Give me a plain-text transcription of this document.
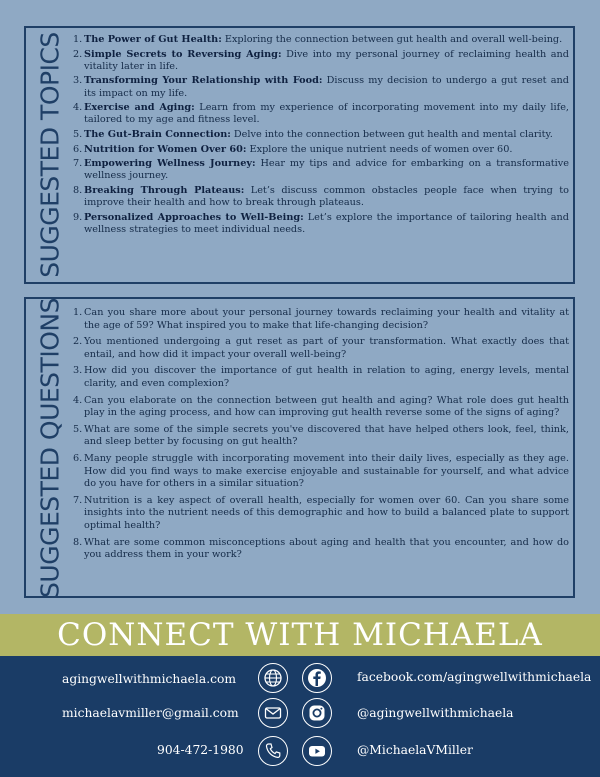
SUGGESTED TOPICS 1. The Power of Gut Health: Exploring the connection between gut health and overall well-being.
2. Simple Secrets to Reversing Aging: Dive into my personal journey of reclaiming health and vitality later in life.
3. Transforming Your Relationship with Food: Discuss my decision to undergo a gut reset and its impact on my life.
4. Exercise and Aging: Learn from my experience of incorporating movement into my daily life, tailored to my age and fitness level.
5. The Gut-Brain Connection: Delve into the connection between gut health and mental clarity.
6. Nutrition for Women Over 60: Explore the unique nutrient needs of women over 60.
7. Empowering Wellness Journey: Hear my tips and advice for embarking on a transformative wellness journey.
8. Breaking Through Plateaus: Let’s discuss common obstacles people face when trying to improve their health and how to break through plateaus.
9. Personalized Approaches to Well-Being: Let’s explore the importance of tailoring health and wellness strategies to meet individual needs.
SUGGESTED QUESTIONS 1. Can you share more about your personal journey towards reclaiming your health and vitality at the age of 59? What inspired you to make that life-changing decision?
2. You mentioned undergoing a gut reset as part of your transformation. What exactly does that entail, and how did it impact your overall well-being?
3. How did you discover the importance of gut health in relation to aging, energy levels, mental clarity, and even complexion?
4. Can you elaborate on the connection between gut health and aging? What role does gut health play in the aging process, and how can improving gut health reverse some of the signs of aging?
5. What are some of the simple secrets you've discovered that have helped others look, feel, think, and sleep better by focusing on gut health?
6. Many people struggle with incorporating movement into their daily lives, especially as they age. How did you find ways to make exercise enjoyable and sustainable for yourself, and what advice do you have for others in a similar situation?
7. Nutrition is a key aspect of overall health, especially for women over 60. Can you share some insights into the nutrient needs of this demographic and how to build a balanced plate to support optimal health?
8. What are some common misconceptions about aging and health that you encounter, and how do you address them in your work?
CONNECT WITH MICHAELA
agingwellwithmichaela.com
michaelavmiller@gmail.com
904-472-1980
facebook.com/agingwellwithmichaela
@agingwellwithmichaela
@MichaelaVMiller
